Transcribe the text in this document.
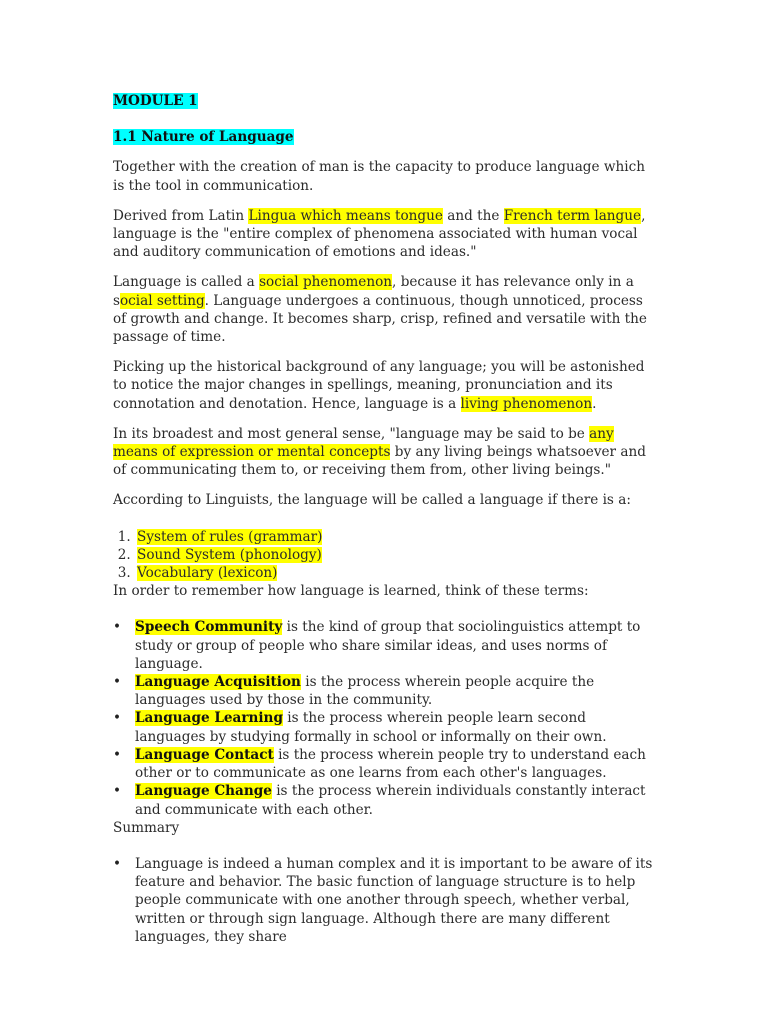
MODULE 1

1.1 Nature of Language

Together with the creation of man is the capacity to produce language which is the tool in communication.

Derived from Latin Lingua which means tongue and the French term langue, language is the "entire complex of phenomena associated with human vocal and auditory communication of emotions and ideas."

Language is called a social phenomenon, because it has relevance only in a social setting. Language undergoes a continuous, though unnoticed, process of growth and change. It becomes sharp, crisp, refined and versatile with the passage of time.

Picking up the historical background of any language; you will be astonished to notice the major changes in spellings, meaning, pronunciation and its connotation and denotation. Hence, language is a living phenomenon.

In its broadest and most general sense, "language may be said to be any means of expression or mental concepts by any living beings whatsoever and of communicating them to, or receiving them from, other living beings."

According to Linguists, the language will be called a language if there is a:

1. System of rules (grammar)
2. Sound System (phonology)
3. Vocabulary (lexicon)

In order to remember how language is learned, think of these terms:

• Speech Community is the kind of group that sociolinguistics attempt to study or group of people who share similar ideas, and uses norms of language.
• Language Acquisition is the process wherein people acquire the languages used by those in the community.
• Language Learning is the process wherein people learn second languages by studying formally in school or informally on their own.
• Language Contact is the process wherein people try to understand each other or to communicate as one learns from each other's languages.
• Language Change is the process wherein individuals constantly interact and communicate with each other.

Summary

• Language is indeed a human complex and it is important to be aware of its feature and behavior. The basic function of language structure is to help people communicate with one another through speech, whether verbal, written or through sign language. Although there are many different languages, they share
